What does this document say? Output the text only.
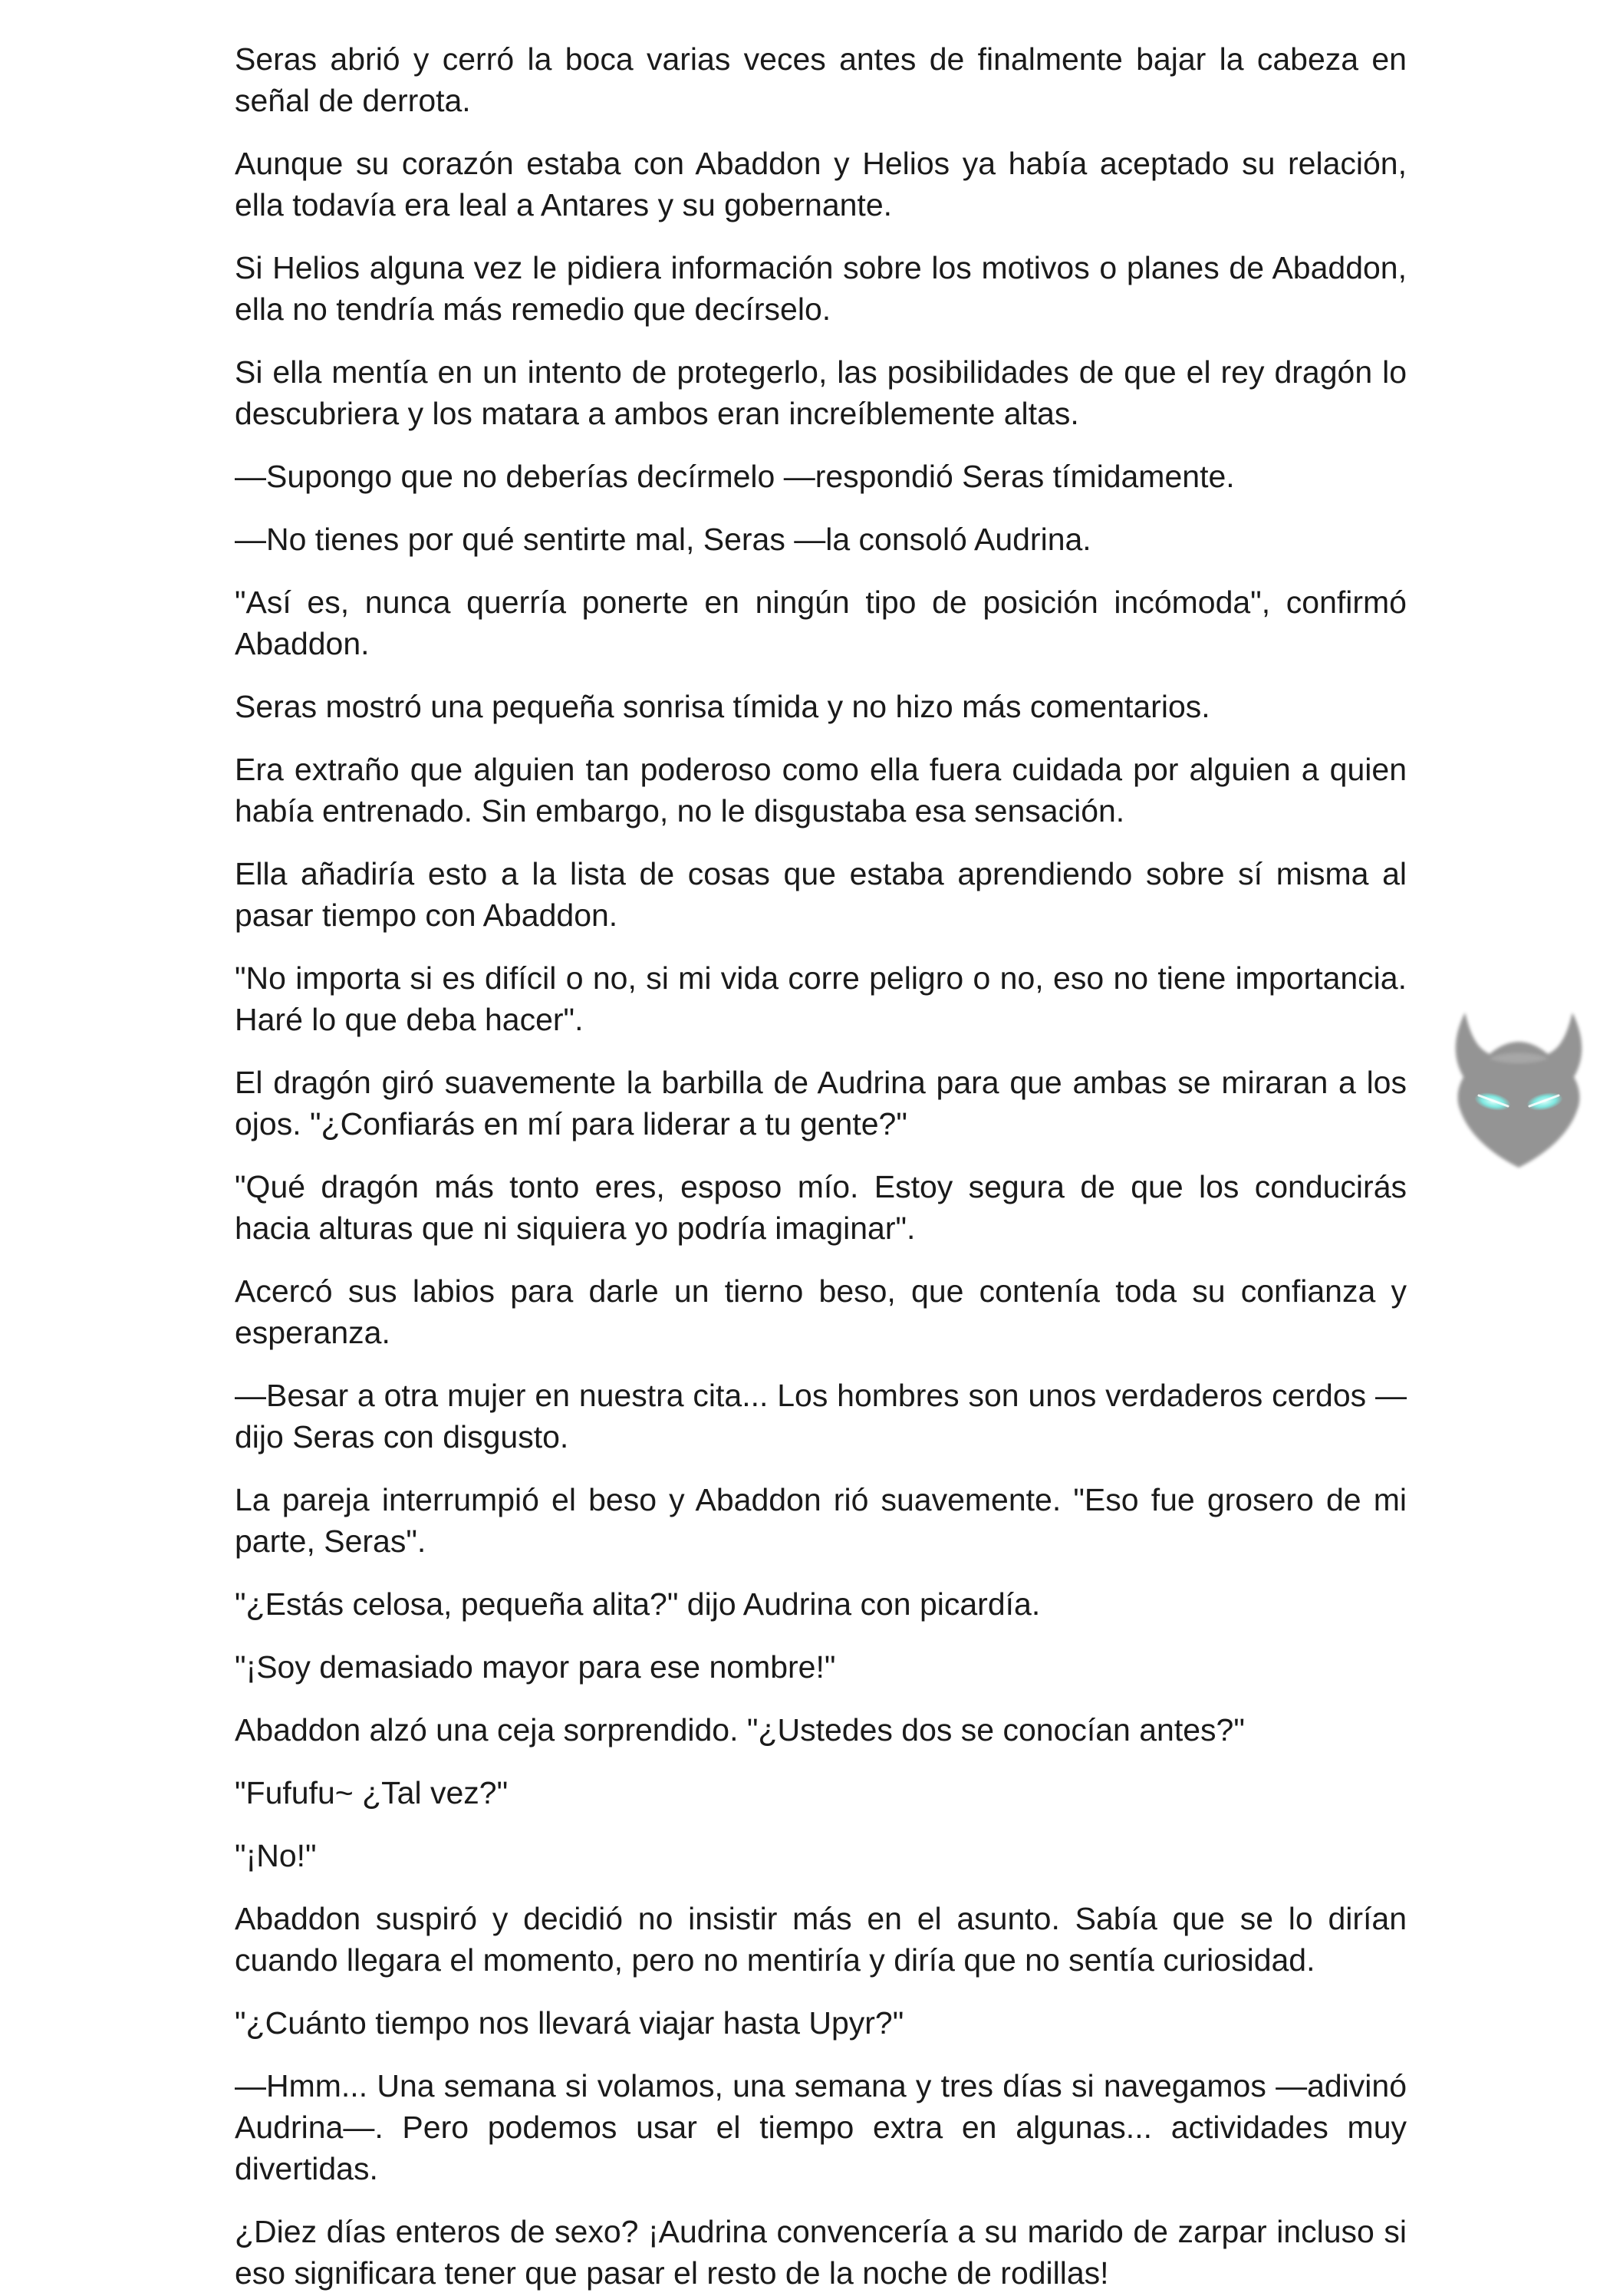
Seras abrió y cerró la boca varias veces antes de finalmente bajar la cabeza en señal de derrota.

Aunque su corazón estaba con Abaddon y Helios ya había aceptado su relación, ella todavía era leal a Antares y su gobernante.

Si Helios alguna vez le pidiera información sobre los motivos o planes de Abaddon, ella no tendría más remedio que decírselo.

Si ella mentía en un intento de protegerlo, las posibilidades de que el rey dragón lo descubriera y los matara a ambos eran increíblemente altas.

—Supongo que no deberías decírmelo —respondió Seras tímidamente.

—No tienes por qué sentirte mal, Seras —la consoló Audrina.

"Así es, nunca querría ponerte en ningún tipo de posición incómoda", confirmó Abaddon.

Seras mostró una pequeña sonrisa tímida y no hizo más comentarios.

Era extraño que alguien tan poderoso como ella fuera cuidada por alguien a quien había entrenado. Sin embargo, no le disgustaba esa sensación.

Ella añadiría esto a la lista de cosas que estaba aprendiendo sobre sí misma al pasar tiempo con Abaddon.

"No importa si es difícil o no, si mi vida corre peligro o no, eso no tiene importancia. Haré lo que deba hacer".

El dragón giró suavemente la barbilla de Audrina para que ambas se miraran a los ojos. "¿Confiarás en mí para liderar a tu gente?"

"Qué dragón más tonto eres, esposo mío. Estoy segura de que los conducirás hacia alturas que ni siquiera yo podría imaginar".

Acercó sus labios para darle un tierno beso, que contenía toda su confianza y esperanza.

—Besar a otra mujer en nuestra cita... Los hombres son unos verdaderos cerdos —dijo Seras con disgusto.

La pareja interrumpió el beso y Abaddon rió suavemente. "Eso fue grosero de mi parte, Seras".

"¿Estás celosa, pequeña alita?" dijo Audrina con picardía.

"¡Soy demasiado mayor para ese nombre!"

Abaddon alzó una ceja sorprendido. "¿Ustedes dos se conocían antes?"

"Fufufu~ ¿Tal vez?"

"¡No!"

Abaddon suspiró y decidió no insistir más en el asunto. Sabía que se lo dirían cuando llegara el momento, pero no mentiría y diría que no sentía curiosidad.

"¿Cuánto tiempo nos llevará viajar hasta Upyr?"

—Hmm... Una semana si volamos, una semana y tres días si navegamos —adivinó Audrina—. Pero podemos usar el tiempo extra en algunas... actividades muy divertidas.

¿Diez días enteros de sexo? ¡Audrina convencería a su marido de zarpar incluso si eso significara tener que pasar el resto de la noche de rodillas!
